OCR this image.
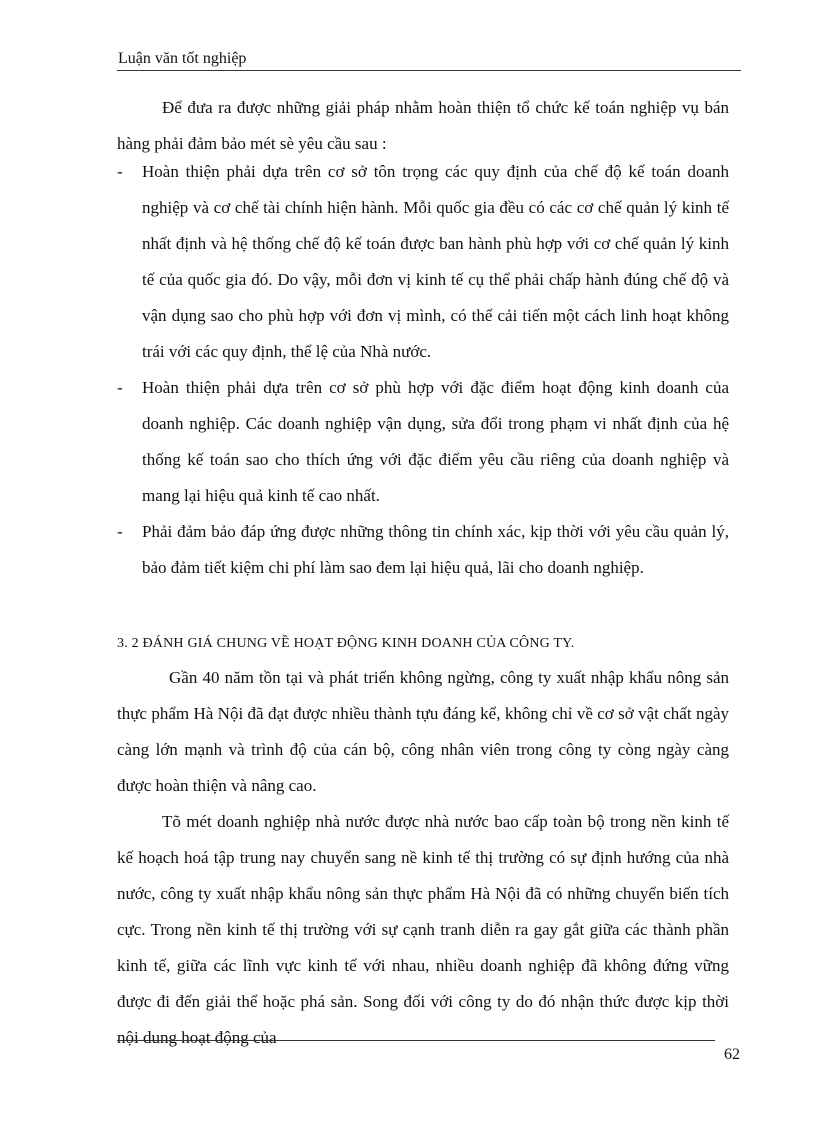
Luận văn tốt nghiệp
Để đưa ra được những giải pháp nhằm hoàn thiện tổ chức kế toán nghiệp vụ bán hàng phải đảm bảo mét sè yêu cầu sau :
- Hoàn thiện phải dựa trên cơ sở tôn trọng các quy định của chế độ kế toán doanh nghiệp và cơ chế tài chính hiện hành. Mỗi quốc gia đều có các cơ chế quản lý kinh tế nhất định và hệ thống chế độ kế toán được ban hành phù hợp với cơ chế quản lý kinh tế của quốc gia đó. Do vậy, mỗi đơn vị kinh tế cụ thể phải chấp hành đúng chế độ và vận dụng sao cho phù hợp với đơn vị mình, có thể cải tiến một cách linh hoạt không trái với các quy định, thể lệ của Nhà nước.
- Hoàn thiện phải dựa trên cơ sở phù hợp với đặc điểm hoạt động kinh doanh của doanh nghiệp. Các doanh nghiệp vận dụng, sửa đổi trong phạm vi nhất định của hệ thống kế toán sao cho thích ứng với đặc điểm yêu cầu riêng của doanh nghiệp và mang lại hiệu quả kinh tế cao nhất.
- Phải đảm bảo đáp ứng được những thông tin chính xác, kịp thời với yêu cầu quản lý, bảo đảm tiết kiệm chi phí làm sao đem lại hiệu quả, lãi cho doanh nghiệp.
3. 2 ĐÁNH GIÁ CHUNG VỀ HOẠT ĐỘNG KINH DOANH CỦA CÔNG TY.
Gần 40 năm tồn tại và phát triển không ngừng, công ty xuất nhập khẩu nông sản thực phẩm Hà Nội đã đạt được nhiều thành tựu đáng kể, không chỉ về cơ sở vật chất ngày càng lớn mạnh và trình độ của cán bộ, công nhân viên trong công ty còng ngày càng được hoàn thiện và nâng cao.
Tõ mét doanh nghiệp nhà nước được nhà nước bao cấp toàn bộ trong nền kinh tế kế hoạch hoá tập trung nay chuyển sang nề kinh tế thị trường có sự định hướng của nhà nước, công ty xuất nhập khẩu nông sản thực phẩm Hà Nội đã có những chuyển biến tích cực. Trong nền kinh tế thị trường với sự cạnh tranh diễn ra gay gắt giữa các thành phần kinh tế, giữa các lĩnh vực kinh tế với nhau, nhiều doanh nghiệp đã không đứng vững được đi đến giải thể hoặc phá sản. Song đối với công ty do đó nhận thức được kịp thời nội dung hoạt động của
62
